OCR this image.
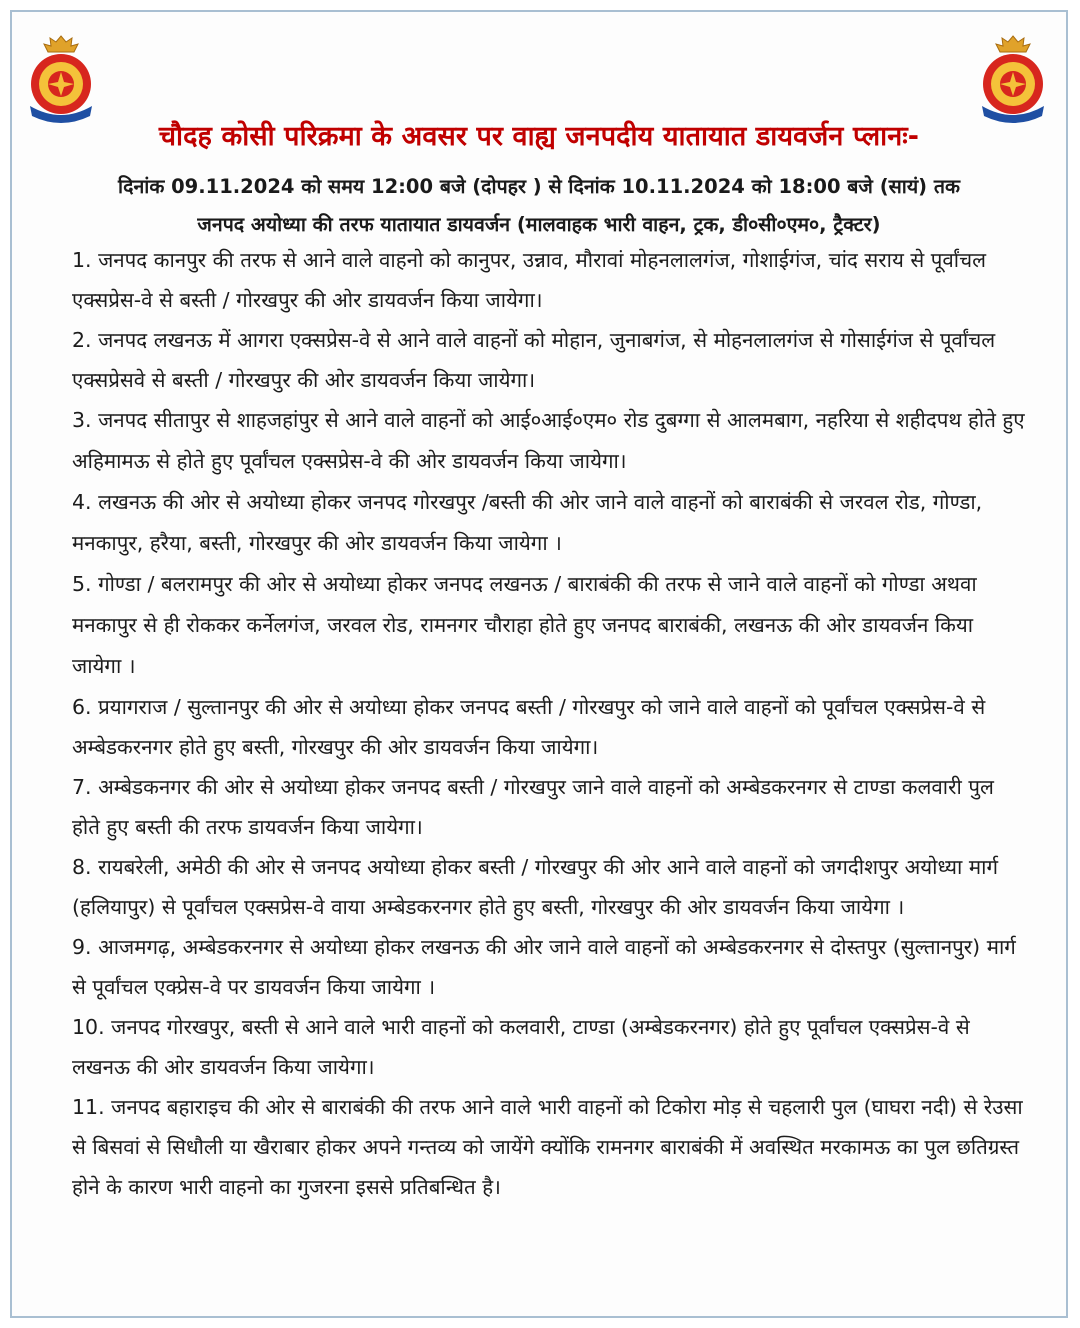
चौदह कोसी परिक्रमा के अवसर पर वाह्य जनपदीय यातायात डायवर्जन प्लानः-
दिनांक 09.11.2024 को समय 12:00 बजे (दोपहर ) से दिनांक 10.11.2024 को 18:00 बजे (सायं) तक
जनपद अयोध्या की तरफ यातायात डायवर्जन (मालवाहक भारी वाहन, ट्रक, डी०सी०एम०, ट्रैक्टर)
1. जनपद कानपुर की तरफ से आने वाले वाहनो को कानुपर, उन्नाव, मौरावां मोहनलालगंज, गोशाईगंज, चांद सराय से पूर्वांचल एक्सप्रेस-वे से बस्ती / गोरखपुर की ओर डायवर्जन किया जायेगा।
2. जनपद लखनऊ में आगरा एक्सप्रेस-वे से आने वाले वाहनों को मोहान, जुनाबगंज, से मोहनलालगंज से गोसाईगंज से पूर्वांचल एक्सप्रेसवे से बस्ती / गोरखपुर की ओर डायवर्जन किया जायेगा।
3. जनपद सीतापुर से शाहजहांपुर से आने वाले वाहनों को आई०आई०एम० रोड दुबग्गा से आलमबाग, नहरिया से शहीदपथ होते हुए अहिमामऊ से होते हुए पूर्वांचल एक्सप्रेस-वे की ओर डायवर्जन किया जायेगा।
4. लखनऊ की ओर से अयोध्या होकर जनपद गोरखपुर /बस्ती की ओर जाने वाले वाहनों को बाराबंकी से जरवल रोड, गोण्डा, मनकापुर, हरैया, बस्ती, गोरखपुर की ओर डायवर्जन किया जायेगा ।
5. गोण्डा / बलरामपुर की ओर से अयोध्या होकर जनपद लखनऊ / बाराबंकी की तरफ से जाने वाले वाहनों को गोण्डा अथवा मनकापुर से ही रोककर कर्नेलगंज, जरवल रोड, रामनगर चौराहा होते हुए जनपद बाराबंकी, लखनऊ की ओर डायवर्जन किया जायेगा ।
6. प्रयागराज / सुल्तानपुर की ओर से अयोध्या होकर जनपद बस्ती / गोरखपुर को जाने वाले वाहनों को पूर्वांचल एक्सप्रेस-वे से अम्बेडकरनगर होते हुए बस्ती, गोरखपुर की ओर डायवर्जन किया जायेगा।
7. अम्बेडकनगर की ओर से अयोध्या होकर जनपद बस्ती / गोरखपुर जाने वाले वाहनों को अम्बेडकरनगर से टाण्डा कलवारी पुल होते हुए बस्ती की तरफ डायवर्जन किया जायेगा।
8. रायबरेली, अमेठी की ओर से जनपद अयोध्या होकर बस्ती / गोरखपुर की ओर आने वाले वाहनों को जगदीशपुर अयोध्या मार्ग (हलियापुर) से पूर्वांचल एक्सप्रेस-वे वाया अम्बेडकरनगर होते हुए बस्ती, गोरखपुर की ओर डायवर्जन किया जायेगा ।
9. आजमगढ़, अम्बेडकरनगर से अयोध्या होकर लखनऊ की ओर जाने वाले वाहनों को अम्बेडकरनगर से दोस्तपुर (सुल्तानपुर) मार्ग से पूर्वांचल एक्प्रेस-वे पर डायवर्जन किया जायेगा ।
10. जनपद गोरखपुर, बस्ती से आने वाले भारी वाहनों को कलवारी, टाण्डा (अम्बेडकरनगर) होते हुए पूर्वांचल एक्सप्रेस-वे से लखनऊ की ओर डायवर्जन किया जायेगा।
11. जनपद बहाराइच की ओर से बाराबंकी की तरफ आने वाले भारी वाहनों को टिकोरा मोड़ से चहलारी पुल (घाघरा नदी) से रेउसा से बिसवां से सिधौली या खैराबार होकर अपने गन्तव्य को जायेंगे क्योंकि रामनगर बाराबंकी में अवस्थित मरकामऊ का पुल छतिग्रस्त होने के कारण भारी वाहनो का गुजरना इससे प्रतिबन्धित है।
